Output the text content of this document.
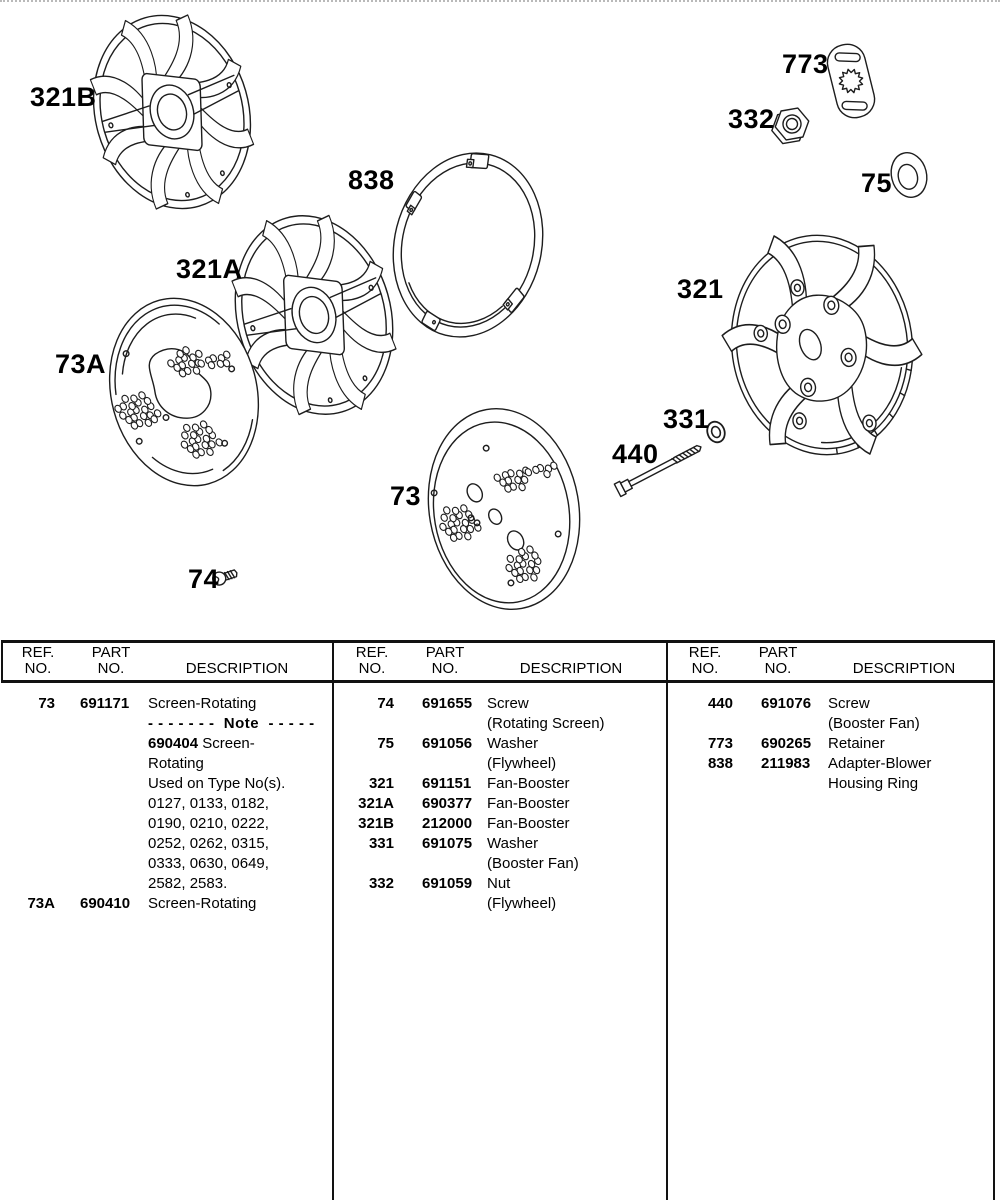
321B
321A
838
73A
73
74
773
332
75
321
331
440
REF.
NO.
PART
NO.	DESCRIPTION
REF.
NO.
PART
NO.	DESCRIPTION
REF.
NO.
PART
NO.	DESCRIPTION
73 691171 Screen-Rotating
- - - - - - -  Note  - - - - -
690404 Screen-
Rotating
Used on Type No(s).
0127, 0133, 0182,
0190, 0210, 0222,
0252, 0262, 0315,
0333, 0630, 0649,
2582, 2583.
73A 690410 Screen-Rotating
74 691655 Screw
(Rotating Screen)
75 691056 Washer
(Flywheel)
321 691151 Fan-Booster
321A 690377 Fan-Booster
321B 212000 Fan-Booster
331 691075 Washer
(Booster Fan)
332 691059 Nut
(Flywheel)
440 691076 Screw
(Booster Fan)
773 690265 Retainer
838 211983 Adapter-Blower
Housing Ring
